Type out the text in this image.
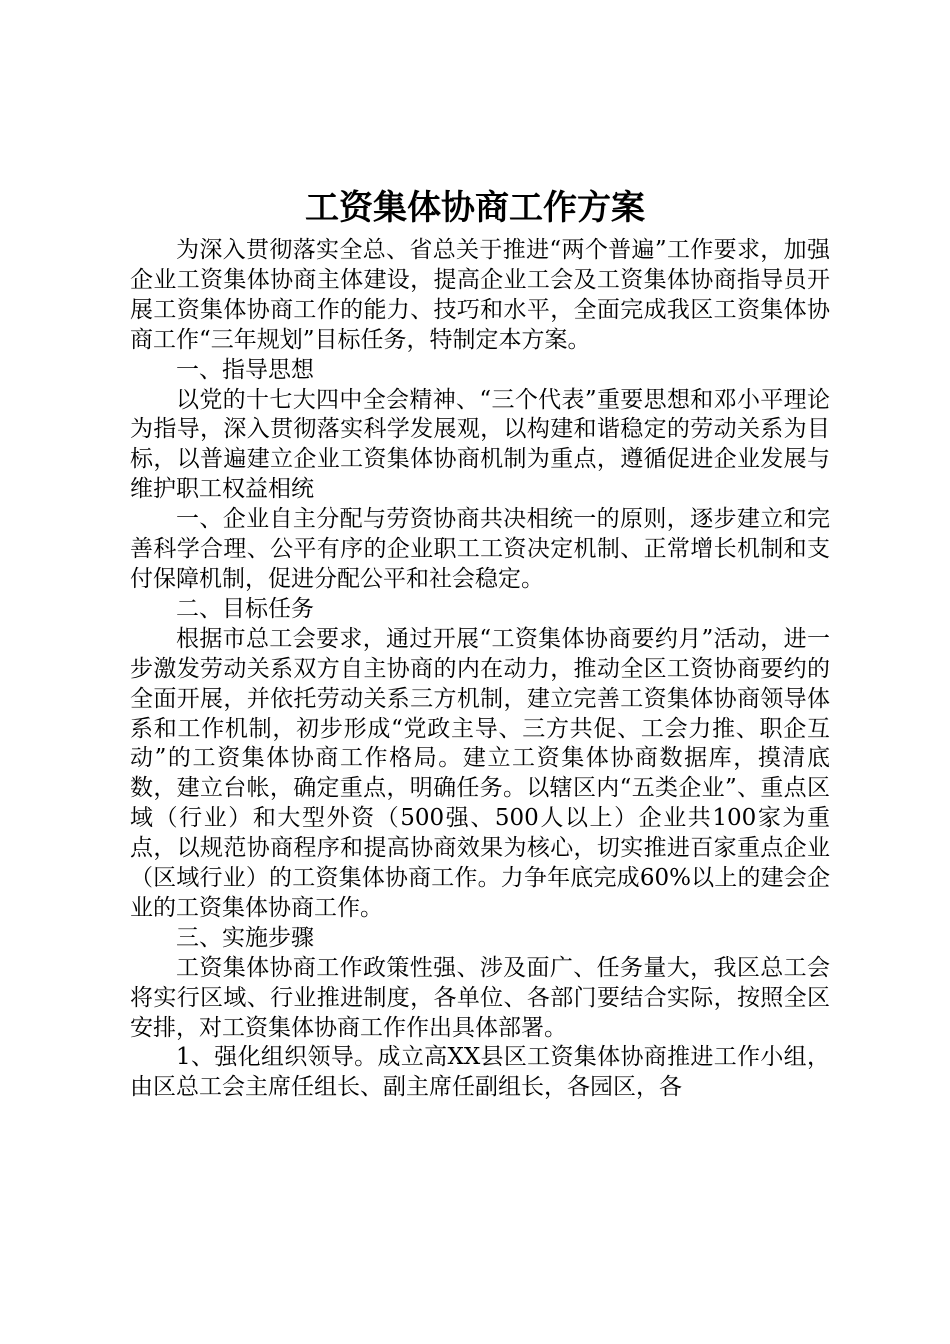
工资集体协商工作方案

为深入贯彻落实全总、省总关于推进“两个普遍”工作要求，加强企业工资集体协商主体建设，提高企业工会及工资集体协商指导员开展工资集体协商工作的能力、技巧和水平，全面完成我区工资集体协商工作“三年规划”目标任务，特制定本方案。

一、指导思想

以党的十七大四中全会精神、“三个代表”重要思想和邓小平理论为指导，深入贯彻落实科学发展观，以构建和谐稳定的劳动关系为目标，以普遍建立企业工资集体协商机制为重点，遵循促进企业发展与维护职工权益相统

一、企业自主分配与劳资协商共决相统一的原则，逐步建立和完善科学合理、公平有序的企业职工工资决定机制、正常增长机制和支付保障机制，促进分配公平和社会稳定。

二、目标任务

根据市总工会要求，通过开展“工资集体协商要约月”活动，进一步激发劳动关系双方自主协商的内在动力，推动全区工资协商要约的全面开展，并依托劳动关系三方机制，建立完善工资集体协商领导体系和工作机制，初步形成“党政主导、三方共促、工会力推、职企互动”的工资集体协商工作格局。建立工资集体协商数据库，摸清底数，建立台帐，确定重点，明确任务。以辖区内“五类企业”、重点区域（行业）和大型外资（500强、500人以上）企业共100家为重点，以规范协商程序和提高协商效果为核心，切实推进百家重点企业（区域行业）的工资集体协商工作。力争年底完成60%以上的建会企业的工资集体协商工作。

三、实施步骤

工资集体协商工作政策性强、涉及面广、任务量大，我区总工会将实行区域、行业推进制度，各单位、各部门要结合实际，按照全区安排，对工资集体协商工作作出具体部署。

1、强化组织领导。成立高XX县区工资集体协商推进工作小组，由区总工会主席任组长、副主席任副组长，各园区，各
